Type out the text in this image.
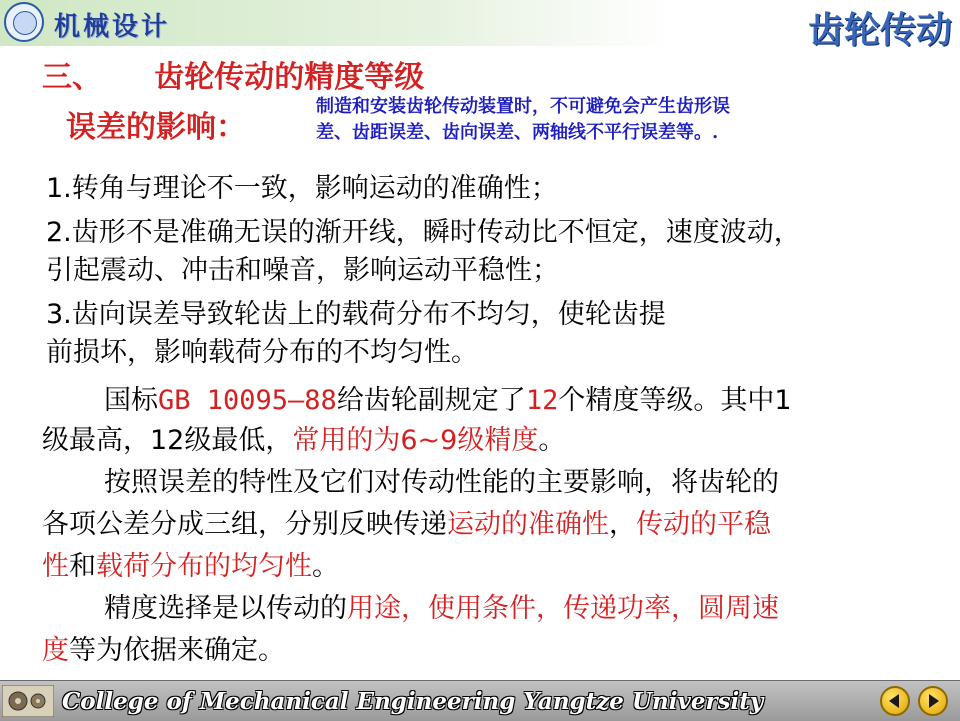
机械设计	齿轮传动
三、     齿轮传动的精度等级
误差的影响：
制造和安装齿轮传动装置时，不可避免会产生齿形误差、齿距误差、齿向误差、两轴线不平行误差等。.

1.转角与理论不一致，影响运动的准确性；

2.齿形不是准确无误的渐开线，瞬时传动比不恒定，速度波动，

引起震动、冲击和噪音，影响运动平稳性；

3.齿向误差导致轮齿上的载荷分布不均匀，使轮齿提

前损坏，影响载荷分布的不均匀性。

国标GB 10095—88给齿轮副规定了12个精度等级。其中1

级最高，12级最低，常用的为6~9级精度。

按照误差的特性及它们对传动性能的主要影响，将齿轮的

各项公差分成三组，分别反映传递运动的准确性，传动的平稳

性和载荷分布的均匀性。

精度选择是以传动的用途，使用条件，传递功率，圆周速

度等为依据来确定。

College of Mechanical Engineering Yangtze University
